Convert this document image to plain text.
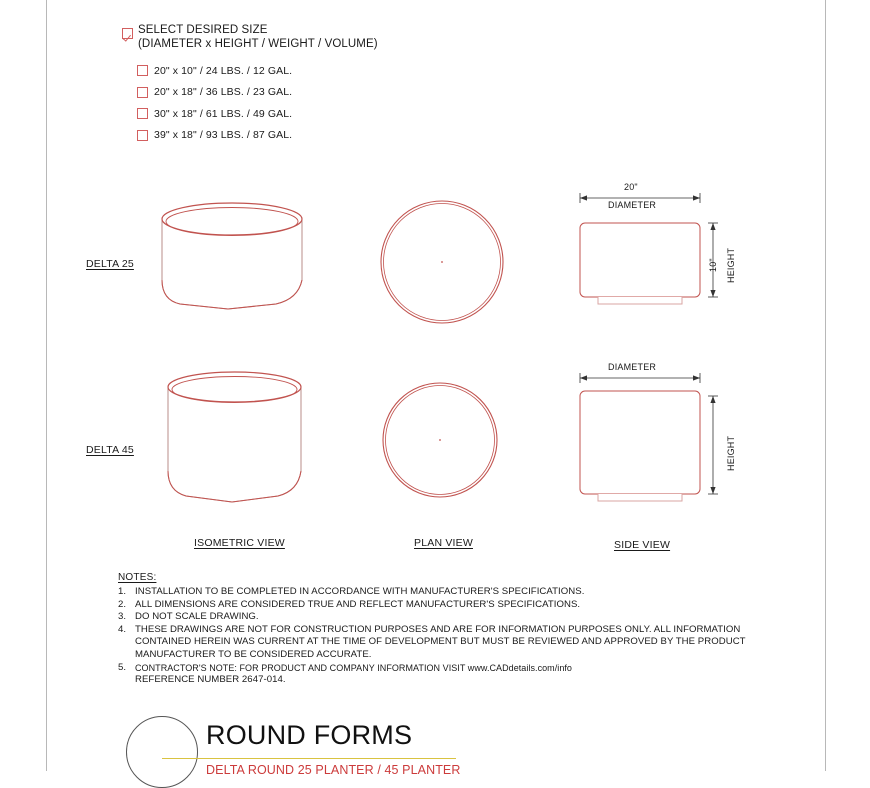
SELECT DESIRED SIZE
(DIAMETER x HEIGHT / WEIGHT / VOLUME)
20" x 10" / 24 LBS. / 12 GAL.
20" x 18" / 36 LBS. / 23 GAL.
30" x 18" / 61 LBS. / 49 GAL.
39" x 18" / 93 LBS. / 87 GAL.
DELTA 25
DELTA 45
20"
DIAMETER
10" HEIGHT
DIAMETER
HEIGHT
ISOMETRIC VIEW	PLAN VIEW	SIDE VIEW
NOTES:
1. INSTALLATION TO BE COMPLETED IN ACCORDANCE WITH MANUFACTURER'S SPECIFICATIONS.
2. ALL DIMENSIONS ARE CONSIDERED TRUE AND REFLECT MANUFACTURER'S SPECIFICATIONS.
3. DO NOT SCALE DRAWING.
4. THESE DRAWINGS ARE NOT FOR CONSTRUCTION PURPOSES AND ARE FOR INFORMATION PURPOSES ONLY. ALL INFORMATION
CONTAINED HEREIN WAS CURRENT AT THE TIME OF DEVELOPMENT BUT MUST BE REVIEWED AND APPROVED BY THE PRODUCT
MANUFACTURER TO BE CONSIDERED ACCURATE.
5. CONTRACTOR'S NOTE: FOR PRODUCT AND COMPANY INFORMATION VISIT www.CADdetails.com/info
REFERENCE NUMBER 2647-014.
ROUND FORMS
DELTA ROUND 25 PLANTER / 45 PLANTER
